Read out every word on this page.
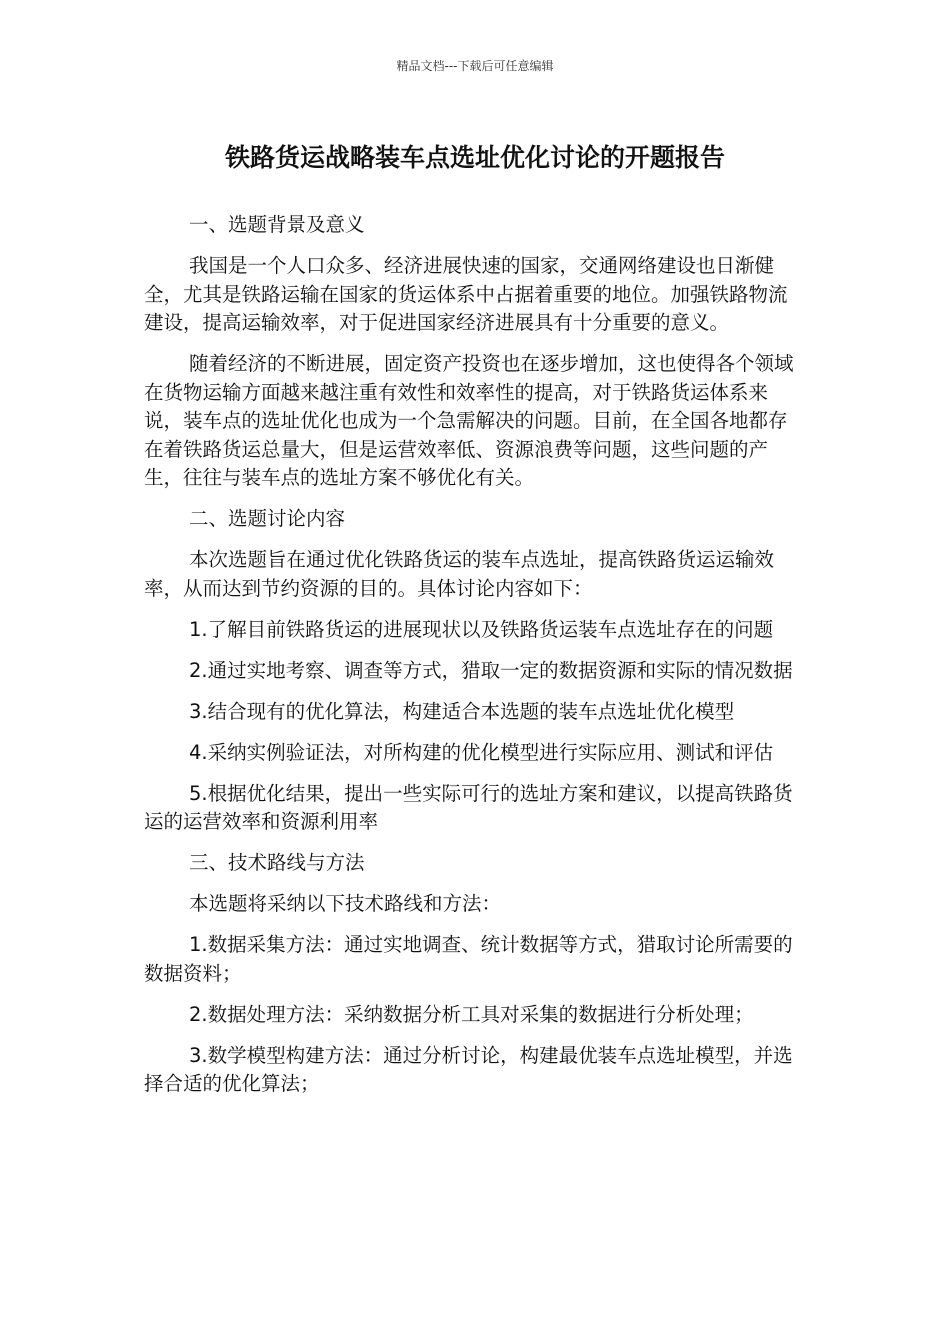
精品文档---下载后可任意编辑
铁路货运战略装车点选址优化讨论的开题报告

一、选题背景及意义

我国是一个人口众多、经济进展快速的国家，交通网络建设也日渐健全，尤其是铁路运输在国家的货运体系中占据着重要的地位。加强铁路物流建设，提高运输效率，对于促进国家经济进展具有十分重要的意义。

随着经济的不断进展，固定资产投资也在逐步增加，这也使得各个领域在货物运输方面越来越注重有效性和效率性的提高，对于铁路货运体系来说，装车点的选址优化也成为一个急需解决的问题。目前，在全国各地都存在着铁路货运总量大，但是运营效率低、资源浪费等问题，这些问题的产生，往往与装车点的选址方案不够优化有关。

二、选题讨论内容

本次选题旨在通过优化铁路货运的装车点选址，提高铁路货运运输效率，从而达到节约资源的目的。具体讨论内容如下：

1.了解目前铁路货运的进展现状以及铁路货运装车点选址存在的问题

2.通过实地考察、调查等方式，猎取一定的数据资源和实际的情况数据

3.结合现有的优化算法，构建适合本选题的装车点选址优化模型

4.采纳实例验证法，对所构建的优化模型进行实际应用、测试和评估

5.根据优化结果，提出一些实际可行的选址方案和建议，以提高铁路货运的运营效率和资源利用率

三、技术路线与方法

本选题将采纳以下技术路线和方法：

1.数据采集方法：通过实地调查、统计数据等方式，猎取讨论所需要的数据资料；

2.数据处理方法：采纳数据分析工具对采集的数据进行分析处理；

3.数学模型构建方法：通过分析讨论，构建最优装车点选址模型，并选择合适的优化算法；
